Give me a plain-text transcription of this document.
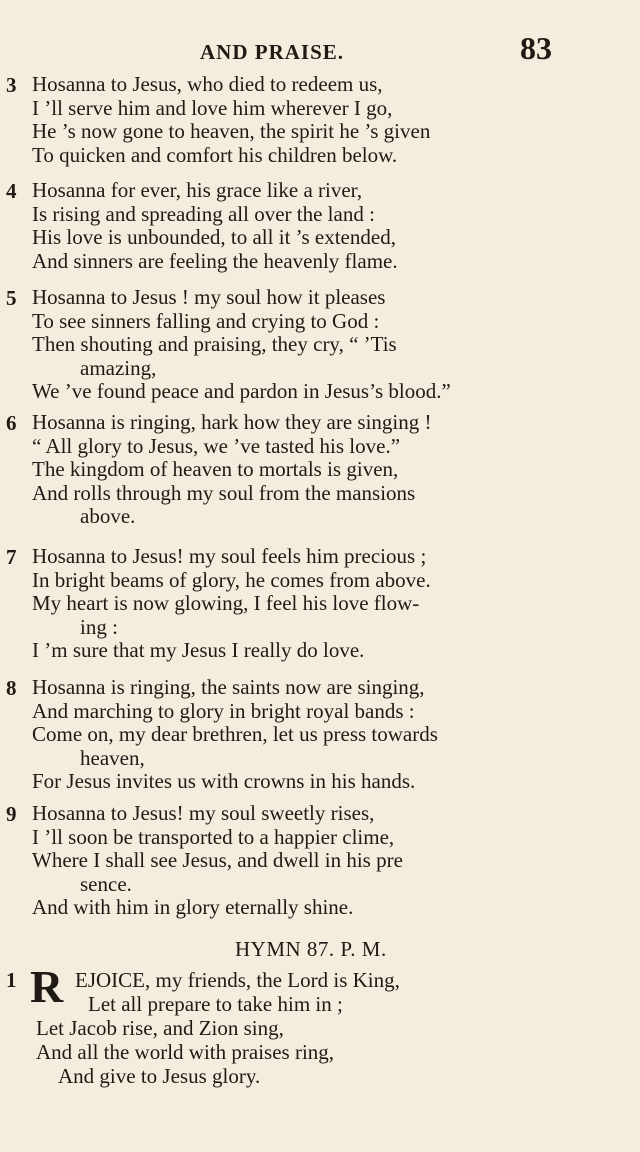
AND PRAISE.	83
3 Hosanna to Jesus, who died to redeem us,
I ’ll serve him and love him wherever I go,
He ’s now gone to heaven, the spirit he ’s given
To quicken and comfort his children below.
4 Hosanna for ever, his grace like a river,
Is rising and spreading all over the land :
His love is unbounded, to all it ’s extended,
And sinners are feeling the heavenly flame.
5 Hosanna to Jesus ! my soul how it pleases
To see sinners falling and crying to God :
Then shouting and praising, they cry, “ ’Tis
amazing,
We ’ve found peace and pardon in Jesus’s blood.”
6 Hosanna is ringing, hark how they are singing !
“ All glory to Jesus, we ’ve tasted his love.”
The kingdom of heaven to mortals is given,
And rolls through my soul from the mansions
above.
7 Hosanna to Jesus! my soul feels him precious ;
In bright beams of glory, he comes from above.
My heart is now glowing, I feel his love flow-
ing :
I ’m sure that my Jesus I really do love.
8 Hosanna is ringing, the saints now are singing,
And marching to glory in bright royal bands :
Come on, my dear brethren, let us press towards
heaven,
For Jesus invites us with crowns in his hands.
9 Hosanna to Jesus! my soul sweetly rises,
I ’ll soon be transported to a happier clime,
Where I shall see Jesus, and dwell in his pre
sence.
And with him in glory eternally shine.
HYMN 87. P. M.
1 R EJOICE, my friends, the Lord is King,
Let all prepare to take him in ;
Let Jacob rise, and Zion sing,
And all the world with praises ring,
And give to Jesus glory.
